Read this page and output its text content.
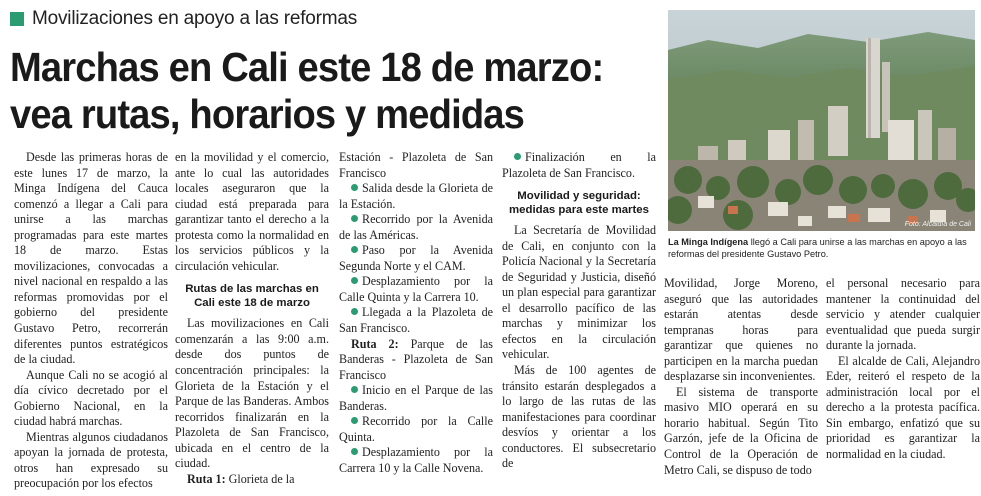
Movilizaciones en apoyo a las reformas
Marchas en Cali este 18 de marzo:
vea rutas, horarios y medidas
Foto: Alcaldía de Cali
La Minga Indígena llegó a Cali para unirse a las marchas en apoyo a las reformas del presidente Gustavo Petro.

Desde las primeras horas de este lunes 17 de marzo, la Minga Indígena del Cauca comenzó a llegar a Cali para unirse a las marchas programadas para este martes 18 de marzo. Estas movilizaciones, convocadas a nivel nacional en respaldo a las reformas promovidas por el gobierno del presidente Gustavo Petro, recorrerán diferentes puntos estratégicos de la ciudad.

Aunque Cali no se acogió al día cívico decretado por el Gobierno Nacional, en la ciudad habrá marchas.

Mientras algunos ciudadanos apoyan la jornada de protesta, otros han expresado su preocupación por los efectos

en la movilidad y el comercio, ante lo cual las autoridades locales aseguraron que la ciudad está preparada para garantizar tanto el derecho a la protesta como la normalidad en los servicios públicos y la circulación vehicular.

Rutas de las marchas en Cali este 18 de marzo

Las movilizaciones en Cali comenzarán a las 9:00 a.m. desde dos puntos de concentración principales: la Glorieta de la Estación y el Parque de las Banderas. Ambos recorridos finalizarán en la Plazoleta de San Francisco, ubicada en el centro de la ciudad.

Ruta 1: Glorieta de la

Estación - Plazoleta de San Francisco

Salida desde la Glorieta de la Estación.

Recorrido por la Avenida de las Américas.

Paso por la Avenida Segunda Norte y el CAM.

Desplazamiento por la Calle Quinta y la Carrera 10.

Llegada a la Plazoleta de San Francisco.

Ruta 2: Parque de las Banderas - Plazoleta de San Francisco

Inicio en el Parque de las Banderas.

Recorrido por la Calle Quinta.

Desplazamiento por la Carrera 10 y la Calle Novena.

Finalización en la Plazoleta de San Francisco.

Movilidad y seguridad: medidas para este martes

La Secretaría de Movilidad de Cali, en conjunto con la Policía Nacional y la Secretaría de Seguridad y Justicia, diseñó un plan especial para garantizar el desarrollo pacífico de las marchas y minimizar los efectos en la circulación vehicular.

Más de 100 agentes de tránsito estarán desplegados a lo largo de las rutas de las manifestaciones para coordinar desvíos y orientar a los conductores. El subsecretario de

Movilidad, Jorge Moreno, aseguró que las autoridades estarán atentas desde tempranas horas para garantizar que quienes no participen en la marcha puedan desplazarse sin inconvenientes.

El sistema de transporte masivo MIO operará en su horario habitual. Según Tito Garzón, jefe de la Oficina de Control de la Operación de Metro Cali, se dispuso de todo

el personal necesario para mantener la continuidad del servicio y atender cualquier eventualidad que pueda surgir durante la jornada.

El alcalde de Cali, Alejandro Eder, reiteró el respeto de la administración local por el derecho a la protesta pacífica. Sin embargo, enfatizó que su prioridad es garantizar la normalidad en la ciudad.
